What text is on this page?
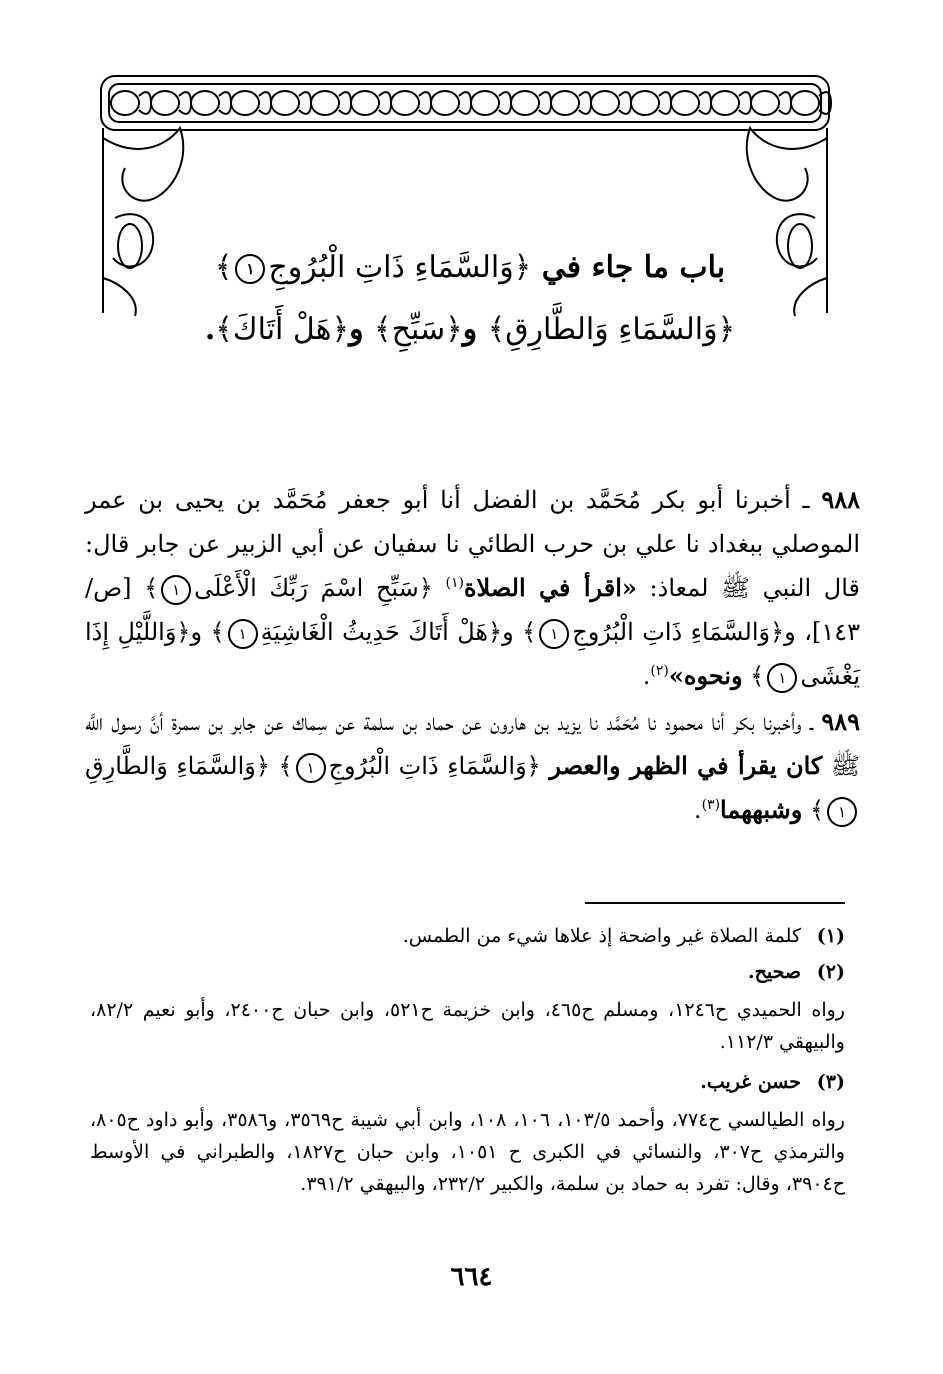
باب ما جاء في ﴿وَالسَّمَاءِ ذَاتِ الْبُرُوجِ١﴾
﴿وَالسَّمَاءِ وَالطَّارِقِ﴾ و﴿سَبِّحِ﴾ و﴿هَلْ أَتَاكَ﴾.
٩٨٨ ـ أخبرنا أبو بكر مُحَمَّد بن الفضل أنا أبو جعفر مُحَمَّد بن يحيى بن عمر الموصلي ببغداد نا علي بن حرب الطائي نا سفيان عن أبي الزبير عن جابر قال: قال النبي ﷺ لمعاذ: «اقرأ في الصلاة$^{(١)}$ ﴿سَبِّحِ اسْمَ رَبِّكَ الْأَعْلَى١﴾ [ص/١٤٣]، و﴿وَالسَّمَاءِ ذَاتِ الْبُرُوجِ١﴾ و﴿هَلْ أَتَاكَ حَدِيثُ الْغَاشِيَةِ١﴾ و﴿وَاللَّيْلِ إِذَا يَغْشَى١﴾ ونحوه»$^{(٢)}$.
٩٨٩ ـ وأخبرنا بكر أنا محمود نا مُحَمَّد نا يزيد بن هارون عن حماد بن سلمة عن سِماك عن جابر بن سمرة أنَّ رسول اللَّه ﷺ كان يقرأ في الظهر والعصر ﴿وَالسَّمَاءِ ذَاتِ الْبُرُوجِ١﴾ ﴿وَالسَّمَاءِ وَالطَّارِقِ١﴾ وشبههما$^{(٣)}$.
(١)كلمة الصلاة غير واضحة إذ علاها شيء من الطمس.
(٢)صحيح.
رواه الحميدي ح١٢٤٦، ومسلم ح٤٦٥، وابن خزيمة ح٥٢١، وابن حبان ح٢٤٠٠، وأبو نعيم ٨٢/٢، والبيهقي ١١٢/٣.
(٣)حسن غريب.
رواه الطيالسي ح٧٧٤، وأحمد ١٠٣/٥، ١٠٦، ١٠٨، وابن أبي شيبة ح٣٥٦٩، و٣٥٨٦، وأبو داود ح٨٠٥، والترمذي ح٣٠٧، والنسائي في الكبرى ح ١٠٥١، وابن حبان ح١٨٢٧، والطبراني في الأوسط ح٣٩٠٤، وقال: تفرد به حماد بن سلمة، والكبير ٢٣٢/٢، والبيهقي ٣٩١/٢.
٦٦٤
